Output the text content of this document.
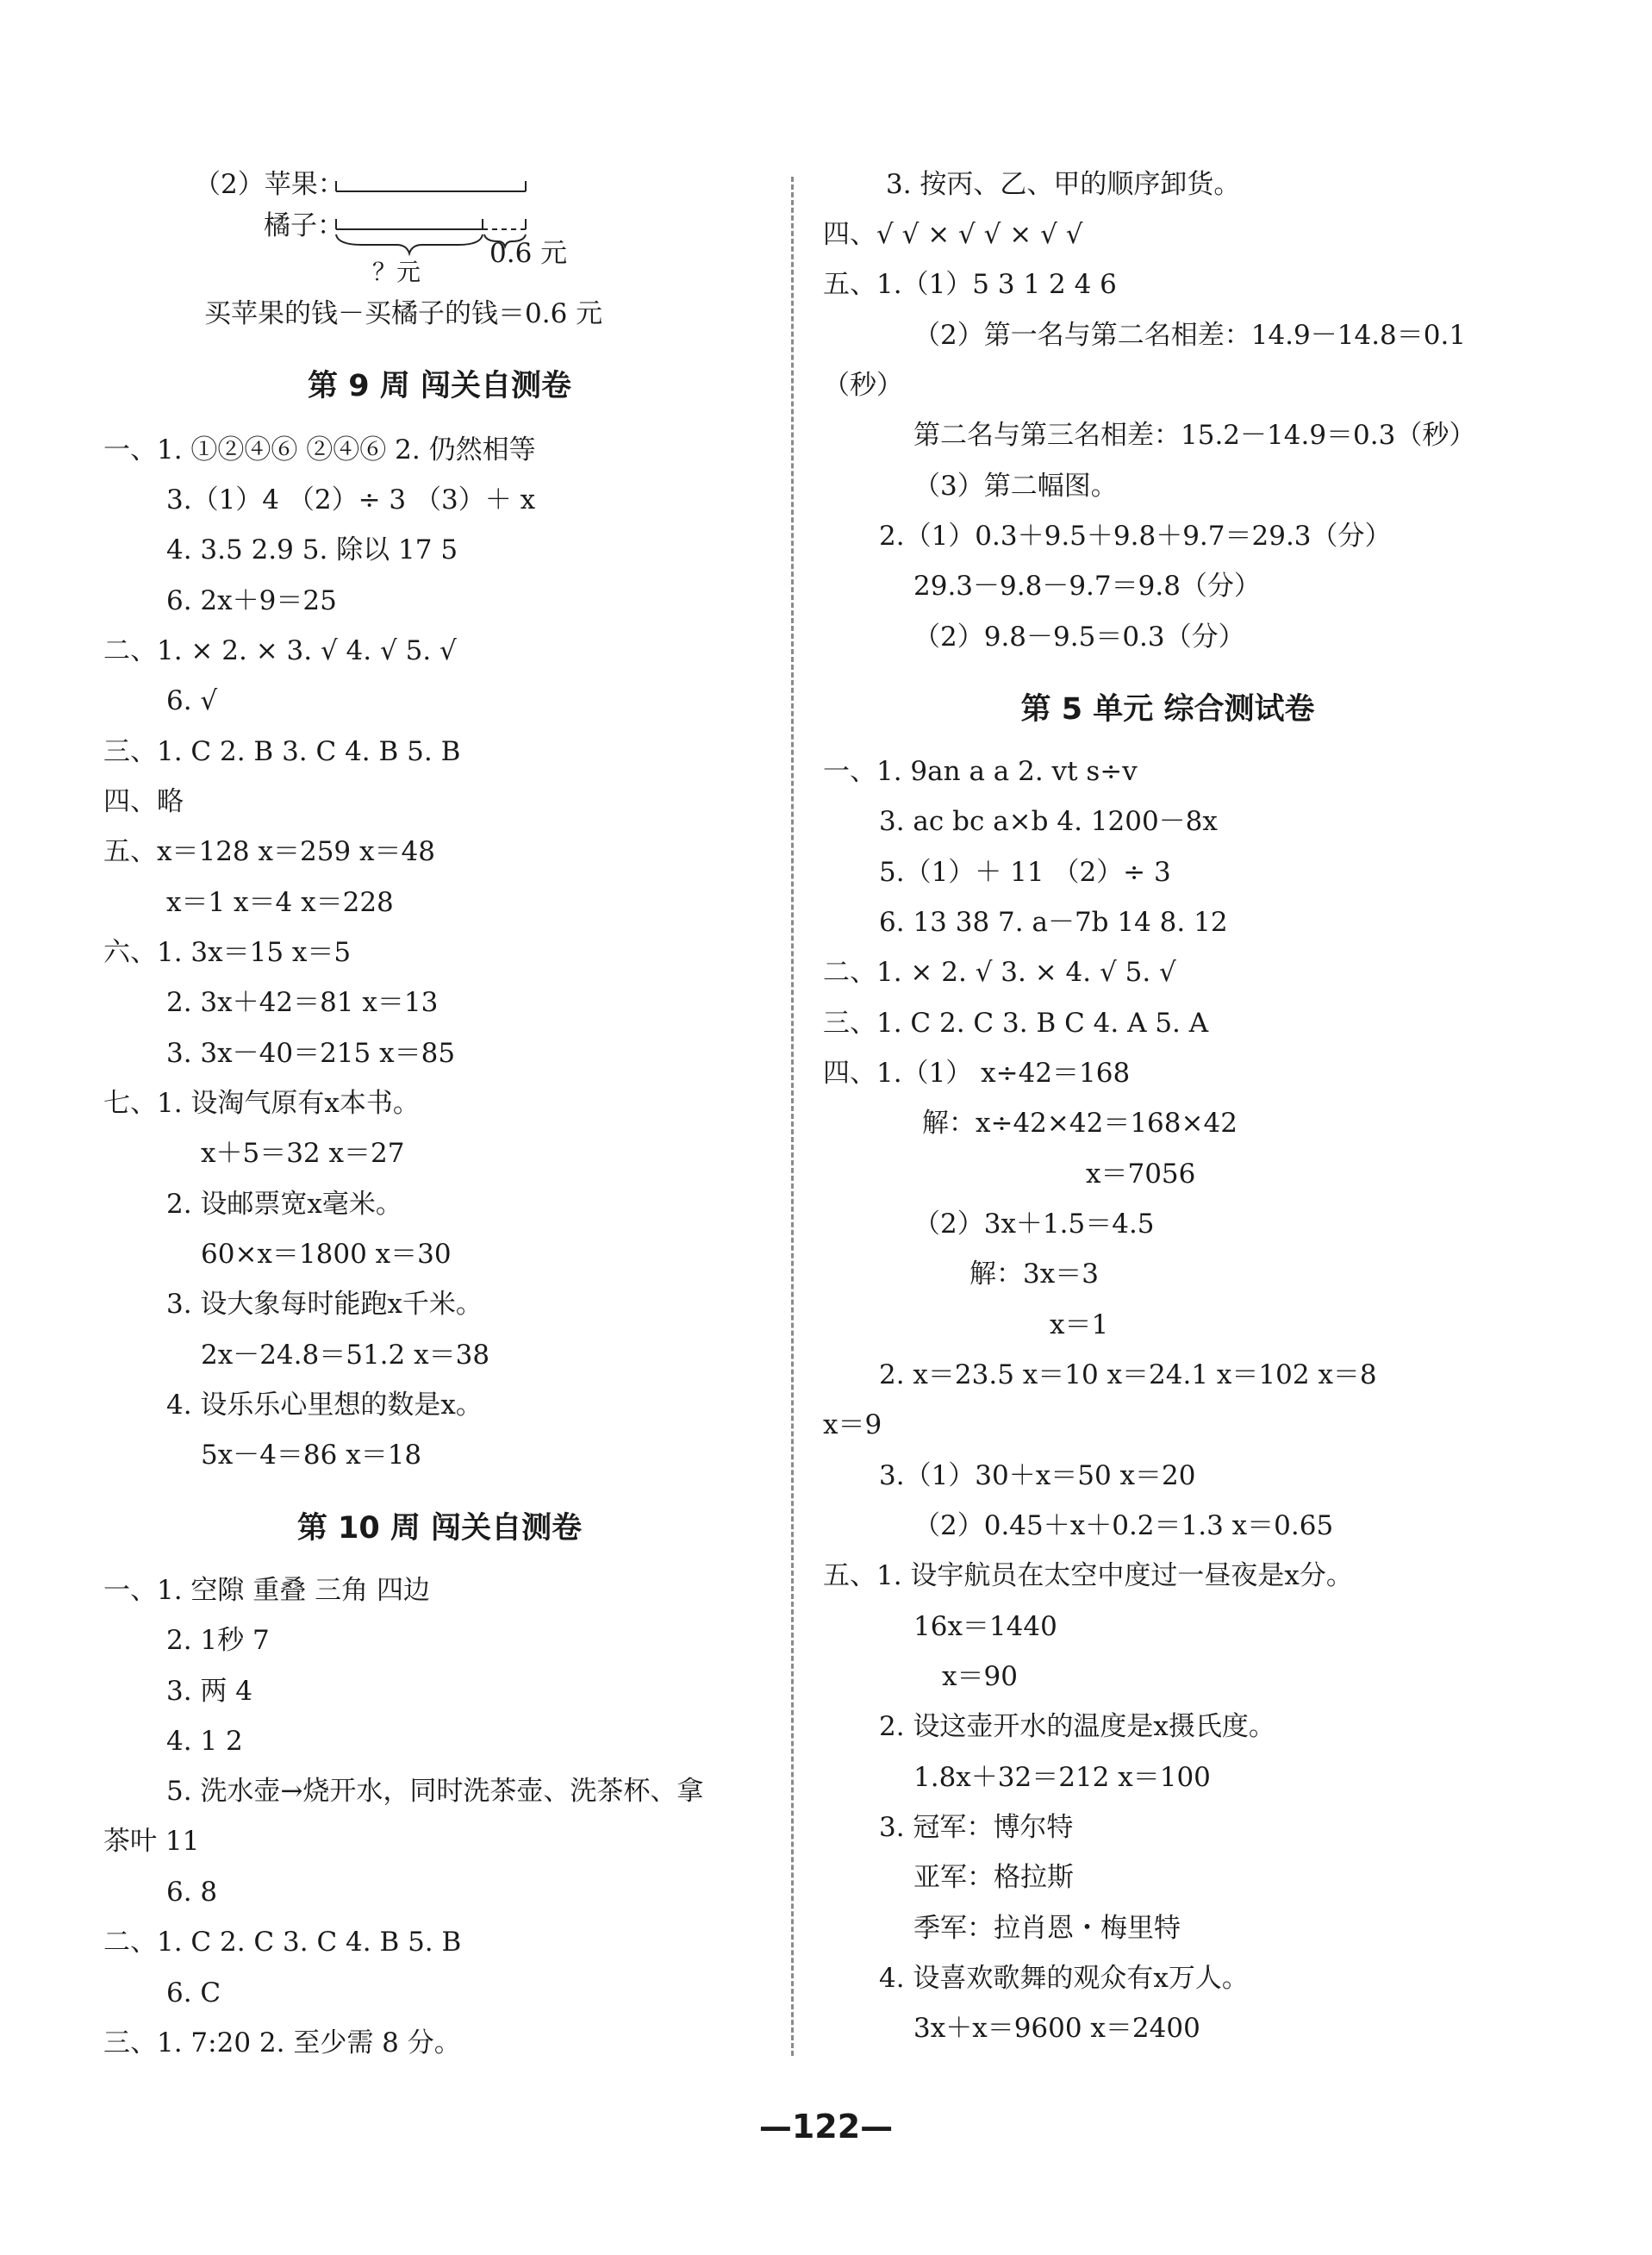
（2）苹果：
橘子：
？元
0.6 元
买苹果的钱－买橘子的钱＝0.6 元
第 9 周 闯关自测卷
一、1. ①②④⑥ ②④⑥ 2. 仍然相等
3.（1）4 （2）÷ 3 （3）＋ x
4. 3.5 2.9 5. 除以 17 5
6. 2x＋9＝25
二、1. × 2. × 3. √ 4. √ 5. √
6. √
三、1. C 2. B 3. C 4. B 5. B
四、略
五、x＝128 x＝259 x＝48
x＝1 x＝4 x＝228
六、1. 3x＝15 x＝5
2. 3x＋42＝81 x＝13
3. 3x－40＝215 x＝85
七、1. 设淘气原有x本书。
x＋5＝32 x＝27
2. 设邮票宽x毫米。
60×x＝1800 x＝30
3. 设大象每时能跑x千米。
2x－24.8＝51.2 x＝38
4. 设乐乐心里想的数是x。
5x－4＝86 x＝18
第 10 周 闯关自测卷
一、1. 空隙 重叠 三角 四边
2. 1秒 7
3. 两 4
4. 1 2
5. 洗水壶→烧开水，同时洗茶壶、洗茶杯、拿
茶叶 11
6. 8
二、1. C 2. C 3. C 4. B 5. B
6. C
三、1. 7:20 2. 至少需 8 分。
3. 按丙、乙、甲的顺序卸货。
四、√ √ × √ √ × √ √
五、1.（1）5 3 1 2 4 6
（2）第一名与第二名相差：14.9－14.8＝0.1
（秒）
第二名与第三名相差：15.2－14.9＝0.3（秒）
（3）第二幅图。
2.（1）0.3＋9.5＋9.8＋9.7＝29.3（分）
29.3－9.8－9.7＝9.8（分）
（2）9.8－9.5＝0.3（分）
第 5 单元 综合测试卷
一、1. 9an a a 2. vt s÷v
3. ac bc a×b 4. 1200－8x
5.（1）＋ 11 （2）÷ 3
6. 13 38 7. a－7b 14 8. 12
二、1. × 2. √ 3. × 4. √ 5. √
三、1. C 2. C 3. B C 4. A 5. A
四、1.（1） x÷42＝168
解：x÷42×42＝168×42
x＝7056
（2）3x＋1.5＝4.5
解：3x＝3
x＝1
2. x＝23.5 x＝10 x＝24.1 x＝102 x＝8
x＝9
3.（1）30＋x＝50 x＝20
（2）0.45＋x＋0.2＝1.3 x＝0.65
五、1. 设宇航员在太空中度过一昼夜是x分。
16x＝1440
x＝90
2. 设这壶开水的温度是x摄氏度。
1.8x＋32＝212 x＝100
3. 冠军：博尔特
亚军：格拉斯
季军：拉肖恩・梅里特
4. 设喜欢歌舞的观众有x万人。
3x＋x＝9600 x＝2400
—122—
